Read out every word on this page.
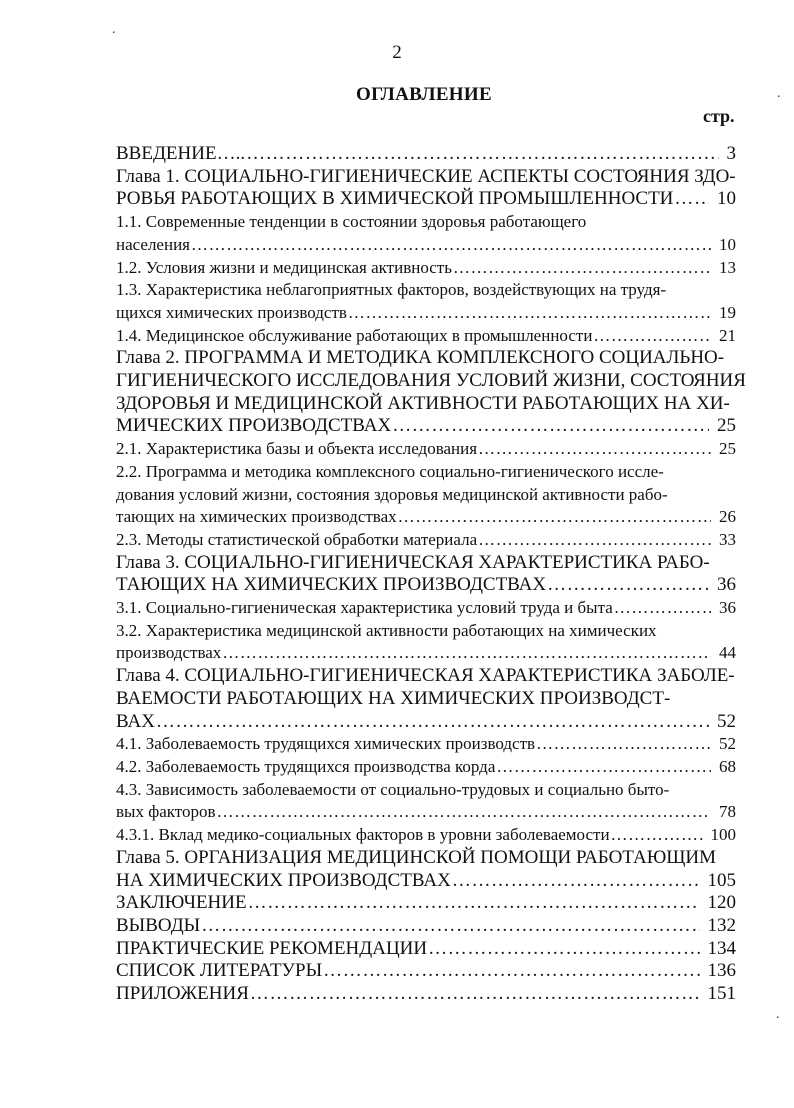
2
ОГЛАВЛЕНИЕ
стр.
ВВЕДЕНИЕ….. ……………………………………………………………………………………………………………………………………………………	3
Глава 1. СОЦИАЛЬНО-ГИГИЕНИЧЕСКИЕ АСПЕКТЫ СОСТОЯНИЯ ЗДО-
РОВЬЯ РАБОТАЮЩИХ В ХИМИЧЕСКОЙ ПРОМЫШЛЕННОСТИ …………………………………………………………………………………………………………………………………………………… 10
1.1. Современные тенденции в состоянии здоровья работающего
населения ……………………………………………………………………………………………………………………………………………………	10
1.2. Условия жизни и медицинская активность ……………………………………………………………………………………………………………………………………………………	13
1.3. Характеристика неблагоприятных факторов, воздействующих на трудя-
щихся химических производств ……………………………………………………………………………………………………………………………………………………	19
1.4. Медицинское обслуживание работающих в промышленности ……………………………………………………………………………………………………………………………………………………	21
Глава 2. ПРОГРАММА И МЕТОДИКА КОМПЛЕКСНОГО СОЦИАЛЬНО-
ГИГИЕНИЧЕСКОГО ИССЛЕДОВАНИЯ УСЛОВИЙ ЖИЗНИ, СОСТОЯНИЯ
ЗДОРОВЬЯ И МЕДИЦИНСКОЙ АКТИВНОСТИ РАБОТАЮЩИХ НА ХИ-
МИЧЕСКИХ ПРОИЗВОДСТВАХ ……………………………………………………………………………………………………………………………………………………	25
2.1. Характеристика базы и объекта исследования ……………………………………………………………………………………………………………………………………………………	25
2.2. Программа и методика комплексного социально-гигиенического иссле-
дования условий жизни, состояния здоровья медицинской активности рабо-
тающих на химических производствах ……………………………………………………………………………………………………………………………………………………	26
2.3. Методы статистической обработки материала ……………………………………………………………………………………………………………………………………………………	33
Глава 3. СОЦИАЛЬНО-ГИГИЕНИЧЕСКАЯ ХАРАКТЕРИСТИКА РАБО-
ТАЮЩИХ НА ХИМИЧЕСКИХ ПРОИЗВОДСТВАХ ……………………………………………………………………………………………………………………………………………………	36
3.1. Социально-гигиеническая характеристика условий труда и быта ……………………………………………………………………………………………………………………………………………………	36
3.2. Характеристика медицинской активности работающих на химических
производствах ……………………………………………………………………………………………………………………………………………………	44
Глава 4. СОЦИАЛЬНО-ГИГИЕНИЧЕСКАЯ ХАРАКТЕРИСТИКА ЗАБОЛЕ-
ВАЕМОСТИ РАБОТАЮЩИХ НА ХИМИЧЕСКИХ ПРОИЗВОДСТ-
ВАХ ……………………………………………………………………………………………………………………………………………………	52
4.1. Заболеваемость трудящихся химических производств ……………………………………………………………………………………………………………………………………………………	52
4.2. Заболеваемость трудящихся производства корда ……………………………………………………………………………………………………………………………………………………	68
4.3. Зависимость заболеваемости от социально-трудовых и социально быто-
вых факторов ……………………………………………………………………………………………………………………………………………………	78
4.3.1. Вклад медико-социальных факторов в уровни заболеваемости ……………………………………………………………………………………………………………………………………………………	100
Глава 5. ОРГАНИЗАЦИЯ МЕДИЦИНСКОЙ ПОМОЩИ РАБОТАЮЩИМ
НА ХИМИЧЕСКИХ ПРОИЗВОДСТВАХ ……………………………………………………………………………………………………………………………………………………	105
ЗАКЛЮЧЕНИЕ ……………………………………………………………………………………………………………………………………………………	120
ВЫВОДЫ ……………………………………………………………………………………………………………………………………………………	132
ПРАКТИЧЕСКИЕ РЕКОМЕНДАЦИИ ……………………………………………………………………………………………………………………………………………………	134
СПИСОК ЛИТЕРАТУРЫ ……………………………………………………………………………………………………………………………………………………	136
ПРИЛОЖЕНИЯ ……………………………………………………………………………………………………………………………………………………	151
.
.
.
